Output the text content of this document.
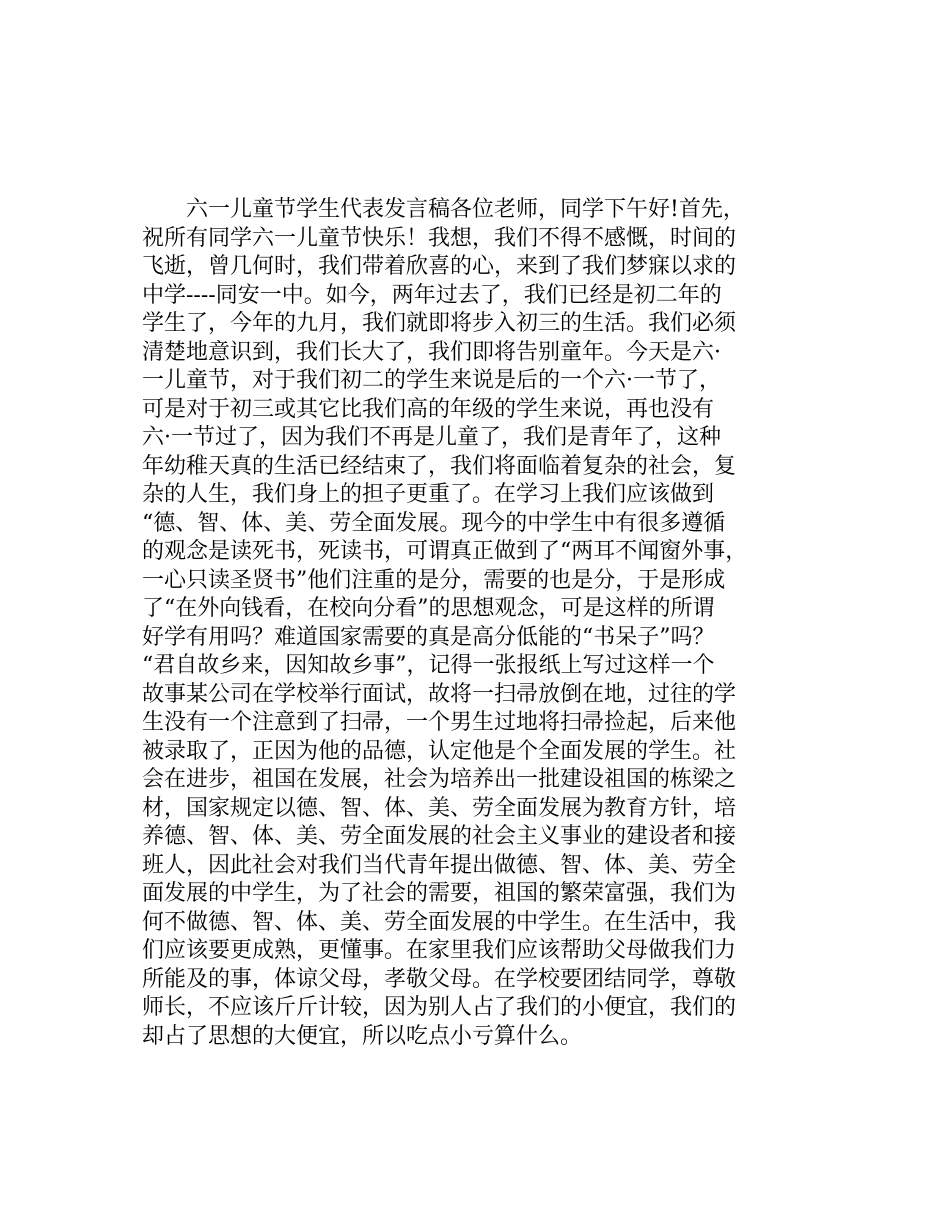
　　六一儿童节学生代表发言稿各位老师，同学下午好!首先，
祝所有同学六一儿童节快乐！我想，我们不得不感慨，时间的
飞逝，曾几何时，我们带着欣喜的心，来到了我们梦寐以求的
中学----同安一中。如今，两年过去了，我们已经是初二年的
学生了，今年的九月，我们就即将步入初三的生活。我们必须
清楚地意识到，我们长大了，我们即将告别童年。今天是六·
一儿童节，对于我们初二的学生来说是后的一个六·一节了，
可是对于初三或其它比我们高的年级的学生来说，再也没有
六·一节过了，因为我们不再是儿童了，我们是青年了，这种
年幼稚天真的生活已经结束了，我们将面临着复杂的社会，复
杂的人生，我们身上的担子更重了。在学习上我们应该做到
“德、智、体、美、劳全面发展。现今的中学生中有很多遵循
的观念是读死书，死读书，可谓真正做到了“两耳不闻窗外事，
一心只读圣贤书”他们注重的是分，需要的也是分，于是形成
了“在外向钱看，在校向分看”的思想观念，可是这样的所谓
好学有用吗？难道国家需要的真是高分低能的“书呆子”吗？
“君自故乡来，因知故乡事”，记得一张报纸上写过这样一个
故事某公司在学校举行面试，故将一扫帚放倒在地，过往的学
生没有一个注意到了扫帚，一个男生过地将扫帚捡起，后来他
被录取了，正因为他的品德，认定他是个全面发展的学生。社
会在进步，祖国在发展，社会为培养出一批建设祖国的栋梁之
材，国家规定以德、智、体、美、劳全面发展为教育方针，培
养德、智、体、美、劳全面发展的社会主义事业的建设者和接
班人，因此社会对我们当代青年提出做德、智、体、美、劳全
面发展的中学生，为了社会的需要，祖国的繁荣富强，我们为
何不做德、智、体、美、劳全面发展的中学生。在生活中，我
们应该要更成熟，更懂事。在家里我们应该帮助父母做我们力
所能及的事，体谅父母，孝敬父母。在学校要团结同学，尊敬
师长，不应该斤斤计较，因为别人占了我们的小便宜，我们的
却占了思想的大便宜，所以吃点小亏算什么。
